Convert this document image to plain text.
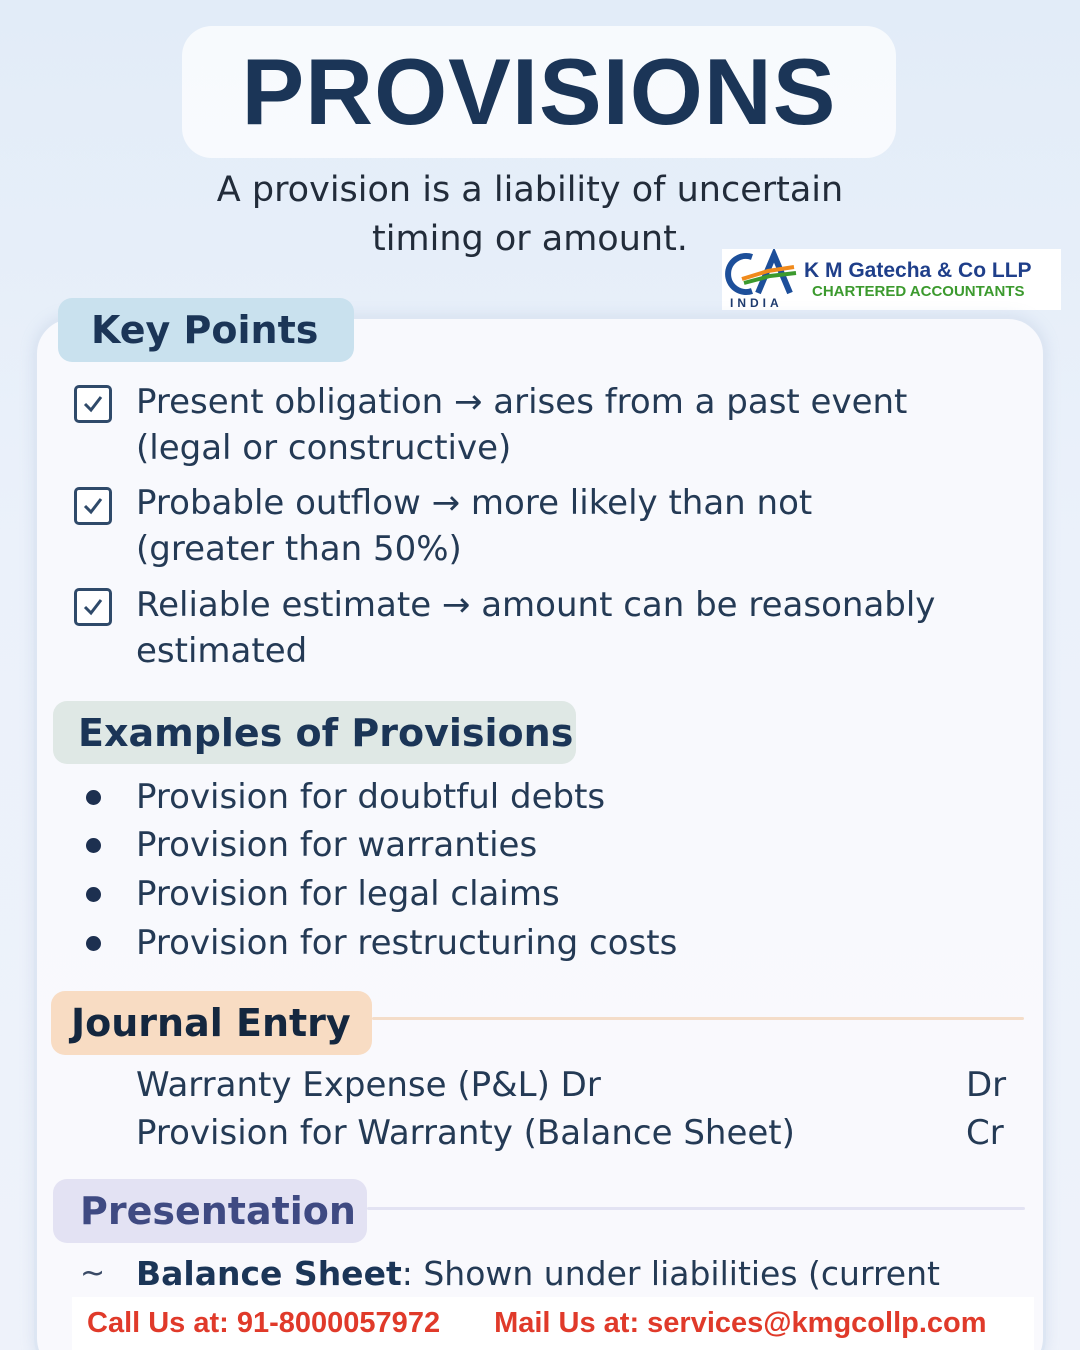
PROVISIONS
A provision is a liability of uncertain
timing or amount.
INDIA
K M Gatecha & Co LLP
CHARTERED ACCOUNTANTS
Key Points
Present obligation → arises from a past event
(legal or constructive)
Probable outflow → more likely than not
(greater than 50%)
Reliable estimate → amount can be reasonably
estimated
Examples of Provisions
Provision for doubtful debts
Provision for warranties
Provision for legal claims
Provision for restructuring costs
Journal Entry
Warranty Expense (P&L) Dr	Dr
Provision for Warranty (Balance Sheet)	Cr
Presentation
~ Balance Sheet: Shown under liabilities (current
Call Us at: 91-8000057972 Mail Us at: services@kmgcollp.com
